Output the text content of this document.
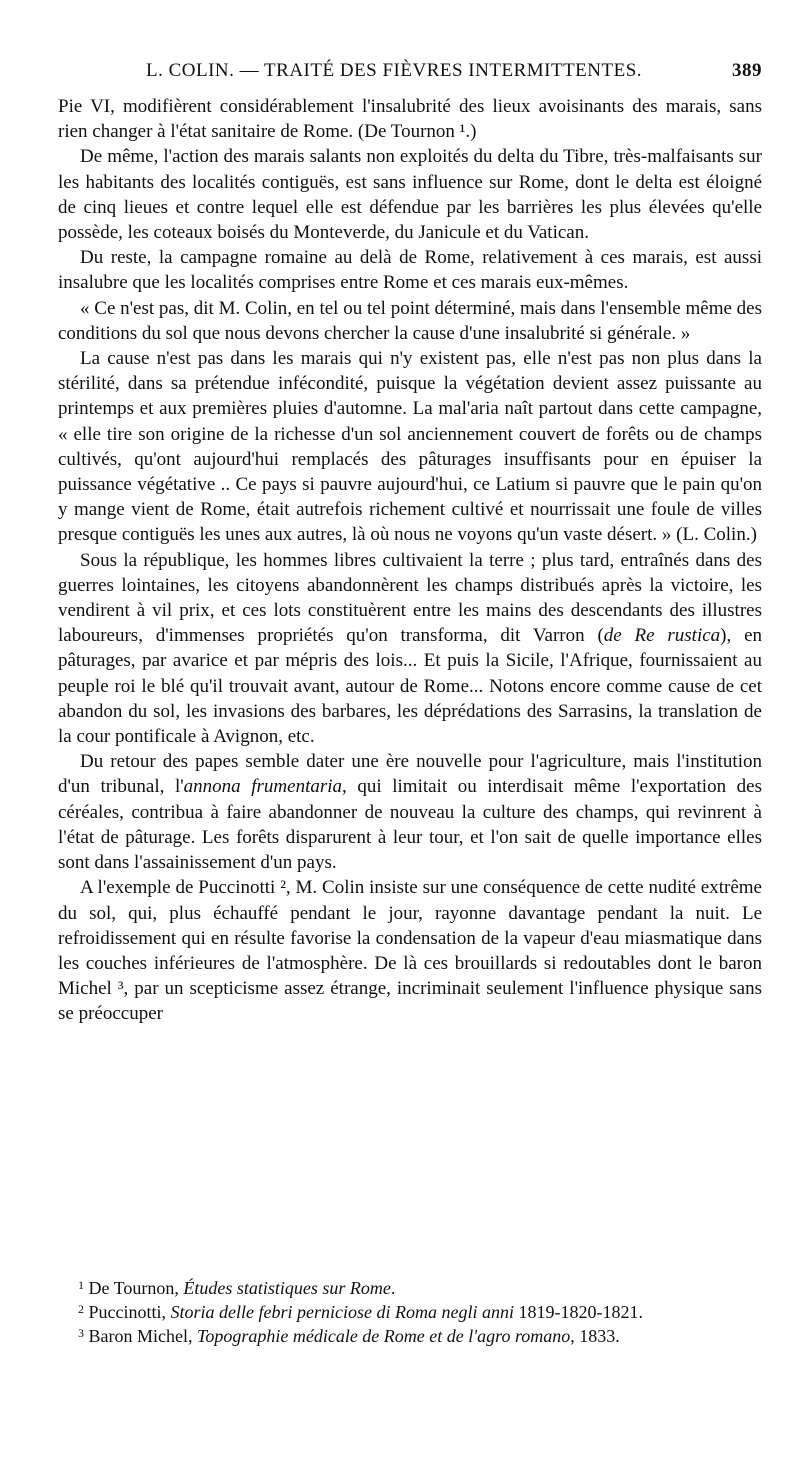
L. COLIN. — TRAITÉ DES FIÈVRES INTERMITTENTES.	389

Pie VI, modifièrent considérablement l'insalubrité des lieux avoisinants des marais, sans rien changer à l'état sanitaire de Rome. (De Tournon ¹.)

De même, l'action des marais salants non exploités du delta du Tibre, très-malfaisants sur les habitants des localités contiguës, est sans influence sur Rome, dont le delta est éloigné de cinq lieues et contre lequel elle est défendue par les barrières les plus élevées qu'elle possède, les coteaux boisés du Monteverde, du Janicule et du Vatican.

Du reste, la campagne romaine au delà de Rome, relativement à ces marais, est aussi insalubre que les localités comprises entre Rome et ces marais eux-mêmes.

« Ce n'est pas, dit M. Colin, en tel ou tel point déterminé, mais dans l'ensemble même des conditions du sol que nous devons chercher la cause d'une insalubrité si générale. »

La cause n'est pas dans les marais qui n'y existent pas, elle n'est pas non plus dans la stérilité, dans sa prétendue infécondité, puisque la végétation devient assez puissante au printemps et aux premières pluies d'automne. La mal'aria naît partout dans cette campagne, « elle tire son origine de la richesse d'un sol anciennement couvert de forêts ou de champs cultivés, qu'ont aujourd'hui remplacés des pâturages insuffisants pour en épuiser la puissance végétative .. Ce pays si pauvre aujourd'hui, ce Latium si pauvre que le pain qu'on y mange vient de Rome, était autrefois richement cultivé et nourrissait une foule de villes presque contiguës les unes aux autres, là où nous ne voyons qu'un vaste désert. » (L. Colin.)

Sous la république, les hommes libres cultivaient la terre ; plus tard, entraînés dans des guerres lointaines, les citoyens abandonnèrent les champs distribués après la victoire, les vendirent à vil prix, et ces lots constituèrent entre les mains des descendants des illustres laboureurs, d'immenses propriétés qu'on transforma, dit Varron (de Re rustica), en pâturages, par avarice et par mépris des lois... Et puis la Sicile, l'Afrique, fournissaient au peuple roi le blé qu'il trouvait avant, autour de Rome... Notons encore comme cause de cet abandon du sol, les invasions des barbares, les déprédations des Sarrasins, la translation de la cour pontificale à Avignon, etc.

Du retour des papes semble dater une ère nouvelle pour l'agriculture, mais l'institution d'un tribunal, l'annona frumentaria, qui limitait ou interdisait même l'exportation des céréales, contribua à faire abandonner de nouveau la culture des champs, qui revinrent à l'état de pâturage. Les forêts disparurent à leur tour, et l'on sait de quelle importance elles sont dans l'assainissement d'un pays.

A l'exemple de Puccinotti ², M. Colin insiste sur une conséquence de cette nudité extrême du sol, qui, plus échauffé pendant le jour, rayonne davantage pendant la nuit. Le refroidissement qui en résulte favorise la condensation de la vapeur d'eau miasmatique dans les couches inférieures de l'atmosphère. De là ces brouillards si redoutables dont le baron Michel ³, par un scepticisme assez étrange, incriminait seulement l'influence physique sans se préoccuper

$^1$ De Tournon, Études statistiques sur Rome.

$^2$ Puccinotti, Storia delle febri perniciose di Roma negli anni 1819-1820-1821.

$^3$ Baron Michel, Topographie médicale de Rome et de l'agro romano, 1833.
